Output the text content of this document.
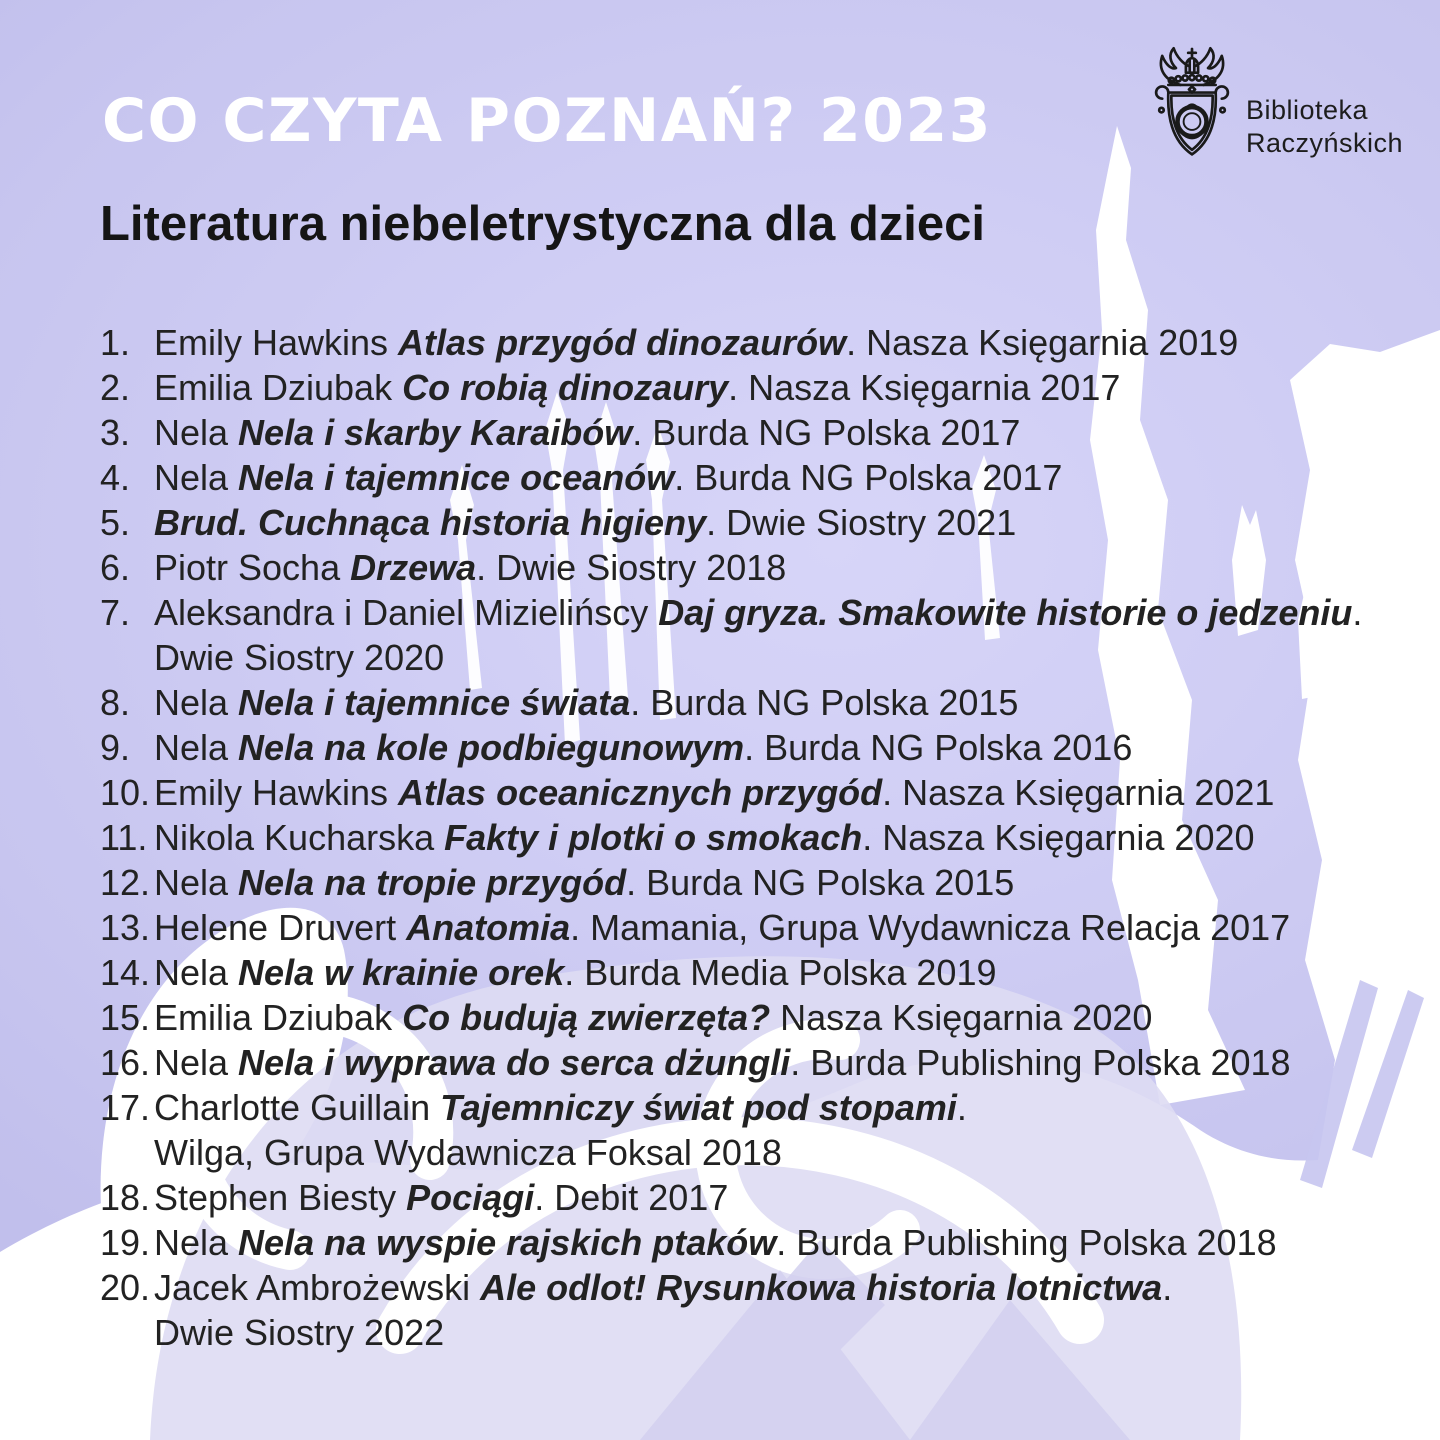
CO CZYTA POZNAŃ? 2023	Biblioteka
Raczyńskich
Literatura niebeletrystyczna dla dzieci
1. Emily Hawkins Atlas przygód dinozaurów. Nasza Księgarnia 2019
2. Emilia Dziubak Co robią dinozaury. Nasza Księgarnia 2017
3. Nela Nela i skarby Karaibów. Burda NG Polska 2017
4. Nela Nela i tajemnice oceanów. Burda NG Polska 2017
5. Brud. Cuchnąca historia higieny. Dwie Siostry 2021
6. Piotr Socha Drzewa. Dwie Siostry 2018
7. Aleksandra i Daniel Mizielińscy Daj gryza. Smakowite historie o jedzeniu.
Dwie Siostry 2020
8. Nela Nela i tajemnice świata. Burda NG Polska 2015
9. Nela Nela na kole podbiegunowym. Burda NG Polska 2016
10. Emily Hawkins Atlas oceanicznych przygód. Nasza Księgarnia 2021
11. Nikola Kucharska Fakty i plotki o smokach. Nasza Księgarnia 2020
12. Nela Nela na tropie przygód. Burda NG Polska 2015
13. Helene Druvert Anatomia. Mamania, Grupa Wydawnicza Relacja 2017
14. Nela Nela w krainie orek. Burda Media Polska 2019
15. Emilia Dziubak Co budują zwierzęta? Nasza Księgarnia 2020
16. Nela Nela i wyprawa do serca dżungli. Burda Publishing Polska 2018
17. Charlotte Guillain Tajemniczy świat pod stopami.
Wilga, Grupa Wydawnicza Foksal 2018
18. Stephen Biesty Pociągi. Debit 2017
19. Nela Nela na wyspie rajskich ptaków. Burda Publishing Polska 2018
20. Jacek Ambrożewski Ale odlot! Rysunkowa historia lotnictwa.
Dwie Siostry 2022
